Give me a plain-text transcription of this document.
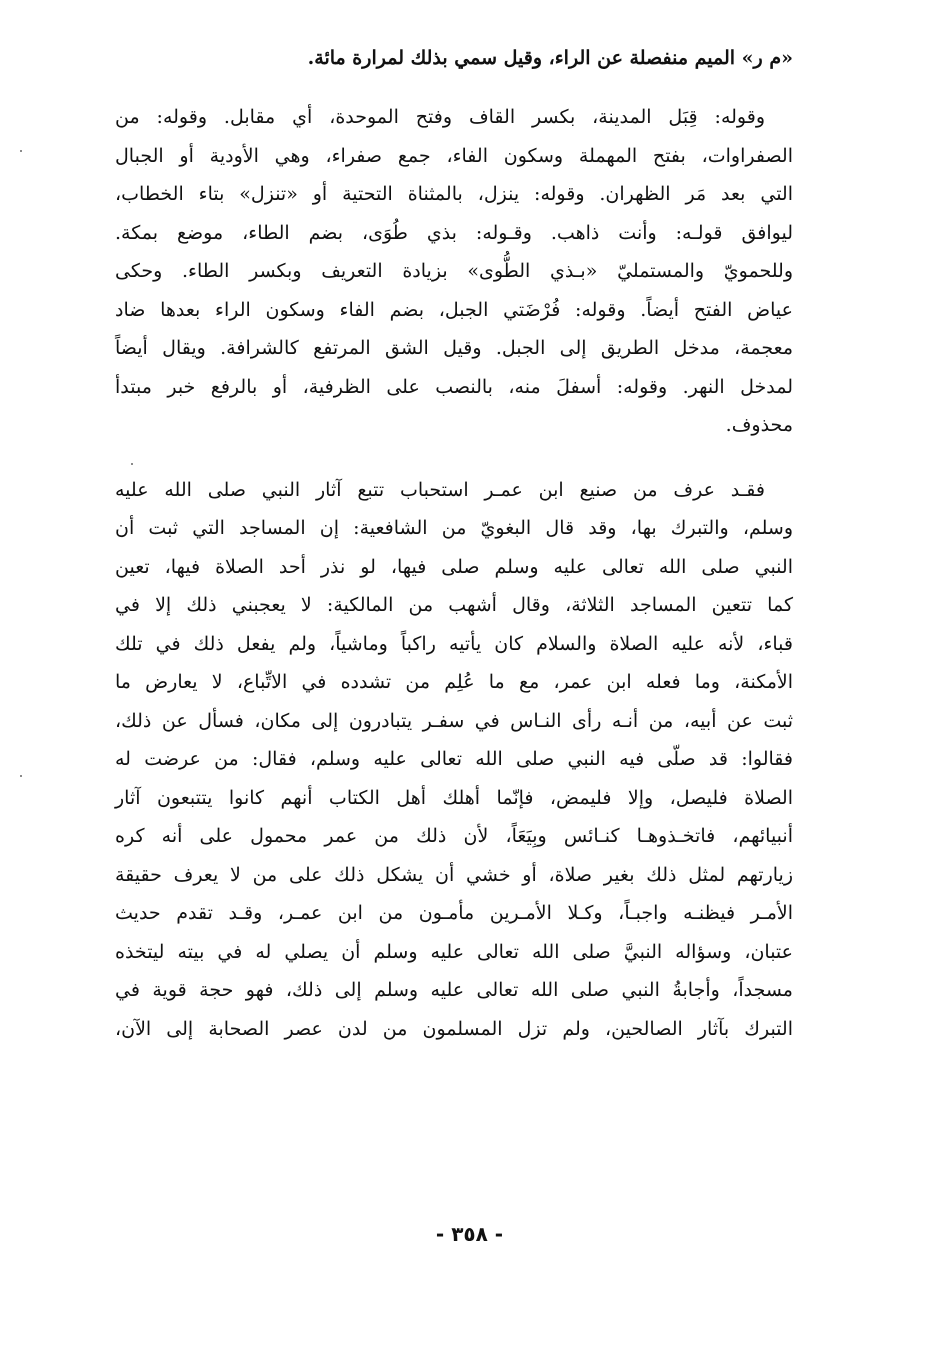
«م ر» الميم منفصلة عن الراء، وقيل سمي بذلك لمرارة مائة.
وقوله: قِبَل المدينة، بكسر القاف وفتح الموحدة، أي مقابل. وقوله: من
الصفراوات، بفتح المهملة وسكون الفاء، جمع صفراء، وهي الأودية أو الجبال
التي بعد مَر الظهران. وقوله: ينزل، بالمثناة التحتية أو «تنزل» بتاء الخطاب،
ليوافق قولـه: وأنت ذاهب. وقـوله: بذي طُوَى، بضم الطاء، موضع بمكة.
وللحمويّ والمستمليّ «بـذي الطُّوى» بزيادة التعريف وبكسر الطاء. وحكى
عياض الفتح أيضاً. وقوله: فُرْضَتي الجبل، بضم الفاء وسكون الراء بعدها ضاد
معجمة، مدخل الطريق إلى الجبل. وقيل الشق المرتفع كالشرافة. ويقال أيضاً
لمدخل النهر. وقوله: أسفلَ منه، بالنصب على الظرفية، أو بالرفع خبر مبتدأ
محذوف.
فقـد عرف من صنيع ابن عمـر استحباب تتبع آثار النبي صلى الله عليه
وسلم، والتبرك بها، وقد قال البغويّ من الشافعية: إن المساجد التي ثبت أن
النبي صلى الله تعالى عليه وسلم صلى فيها، لو نذر أحد الصلاة فيها، تعين
كما تتعين المساجد الثلاثة، وقال أشهب من المالكية: لا يعجبني ذلك إلا في
قباء، لأنه عليه الصلاة والسلام كان يأتيه راكباً وماشياً، ولم يفعل ذلك في تلك
الأمكنة، وما فعله ابن عمر، مع ما عُلِم من تشدده في الاتِّباع، لا يعارض ما
ثبت عن أبيه، من أنـه رأى النـاس في سفـر يتبادرون إلى مكان، فسأل عن ذلك،
فقالوا: قد صلّى فيه النبي صلى الله تعالى عليه وسلم، فقال: من عرضت له
الصلاة فليصل، وإلا فليمض، فإنّما أهلك أهل الكتاب أنهم كانوا يتتبعون آثار
أنبيائهم، فاتخـذوهـا كنـائس وبِيَعَاً، لأن ذلك من عمر محمول على أنه كره
زيارتهم لمثل ذلك بغير صلاة، أو خشي أن يشكل ذلك على من لا يعرف حقيقة
الأمـر فيظنـه واجبـاً، وكـلا الأمـرين مأمـون من ابن عمـر، وقـد تقدم حديث
عتبان، وسؤاله النبيَّ صلى الله تعالى عليه وسلم أن يصلي له في بيته ليتخذه
مسجداً، وأجابةُ النبي صلى الله تعالى عليه وسلم إلى ذلك، فهو حجة قوية في
التبرك بآثار الصالحين، ولم تزل المسلمون من لدن عصر الصحابة إلى الآن،
- ٣٥٨ -
